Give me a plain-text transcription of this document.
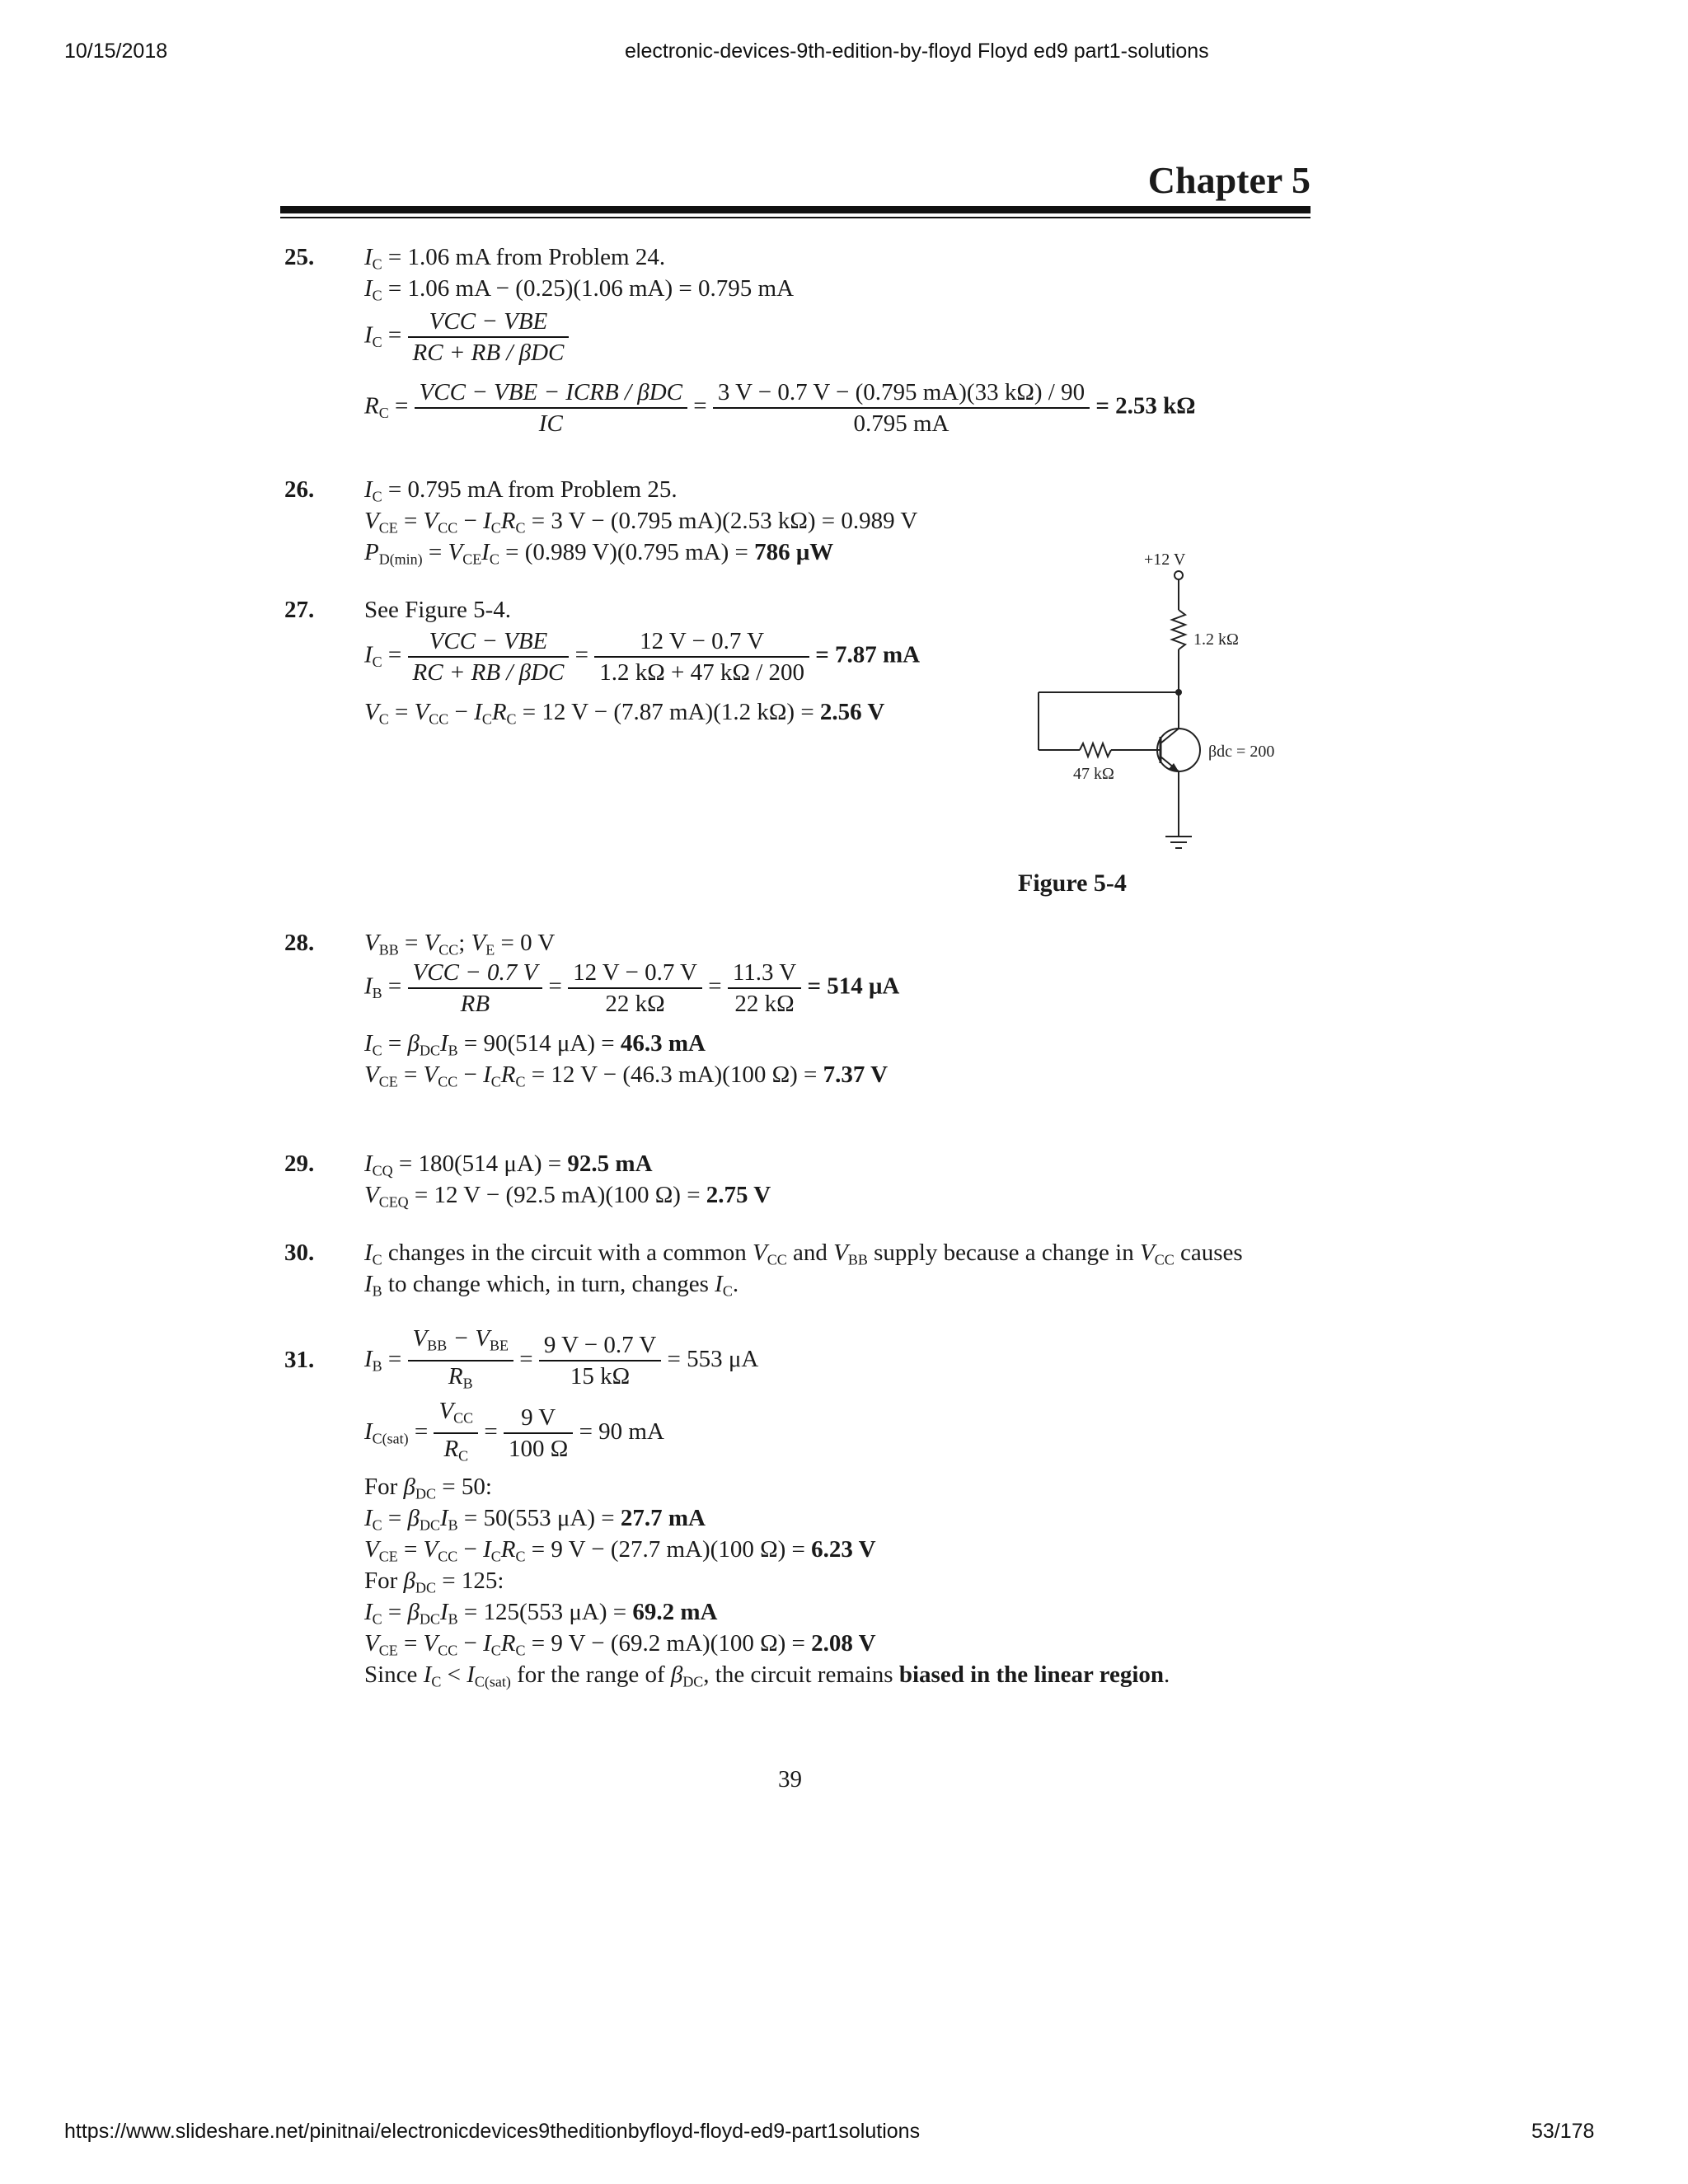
10/15/2018	electronic-devices-9th-edition-by-floyd Floyd ed9 part1-solutions
Chapter 5
25. $I_C = 1.06$ mA from Problem 24.
$I_C = 1.06$ mA − (0.25)(1.06 mA) = 0.795 mA
$I_C = \frac{\text{VCC − VBE}}{\text{RC + RB / βDC}}$
$R_C = \frac{\text{VCC − VBE − ICRB / βDC}}{IC} = \frac{3 V - 0.7 V - (0.795 mA)(33 k\Omega) / 90}{0.795 mA} = 2.53$ kΩ
26. $I_C = 0.795$ mA from Problem 25.
$V_{CE} = V_{CC} - I_CR_C = 3$ V − (0.795 mA)(2.53 kΩ) = 0.989 V
$P_{D(min)} = V_{CE}I_C = (0.989$ V)(0.795 mA) = 786 μW
27. See Figure 5-4.
$I_C = \frac{\text{VCC − VBE}}{\text{RC + RB / βDC}} = \frac{12 V - 0.7 V}{1.2 k\Omega + 47 k\Omega / 200} = 7.87$ mA
$V_C = V_{CC} - I_CR_C = 12$ V − (7.87 mA)(1.2 kΩ) = 2.56 V
+12 V
1.2 kΩ
47 kΩ
βdc = 200
Figure 5-4
28. $V_{BB} = V_{CC}$; $V_E = 0$ V
$I_B = \frac{\text{VCC − 0.7 V}}{RB} = \frac{12 V - 0.7 V}{22 k\Omega} = \frac{11.3 V}{22 k\Omega} = 514$ μA
$I_C = \beta_{DC}I_B = 90(514$ μA) = 46.3 mA
$V_{CE} = V_{CC} - I_CR_C = 12$ V − (46.3 mA)(100 Ω) = 7.37 V
29. $I_{CQ} = 180(514$ μA) = 92.5 mA
$V_{CEQ} = 12$ V − (92.5 mA)(100 Ω) = 2.75 V
30. $I_C$ changes in the circuit with a common $V_{CC}$ and $V_{BB}$ supply because a change in $V_{CC}$ causes
$I_B$ to change which, in turn, changes $I_C$.
31. $I_B = \frac{V_{BB} - V_{BE}}{R_B} = \frac{9 V - 0.7 V}{15 k\Omega} = 553$ μA
$I_{C(sat)} = \frac{V_{CC}}{R_C} = \frac{9 V}{100 \Omega} = 90$ mA
For $\beta_{DC} = 50$:
$I_C = \beta_{DC}I_B = 50(553$ μA) = 27.7 mA
$V_{CE} = V_{CC} - I_CR_C = 9$ V − (27.7 mA)(100 Ω) = 6.23 V
For $\beta_{DC} = 125$:
$I_C = \beta_{DC}I_B = 125(553$ μA) = 69.2 mA
$V_{CE} = V_{CC} - I_CR_C = 9$ V − (69.2 mA)(100 Ω) = 2.08 V
Since $I_C < I_{C(sat)}$ for the range of $\beta_{DC}$, the circuit remains biased in the linear region.
39
https://www.slideshare.net/pinitnai/electronicdevices9theditionbyfloyd-floyd-ed9-part1solutions	53/178
